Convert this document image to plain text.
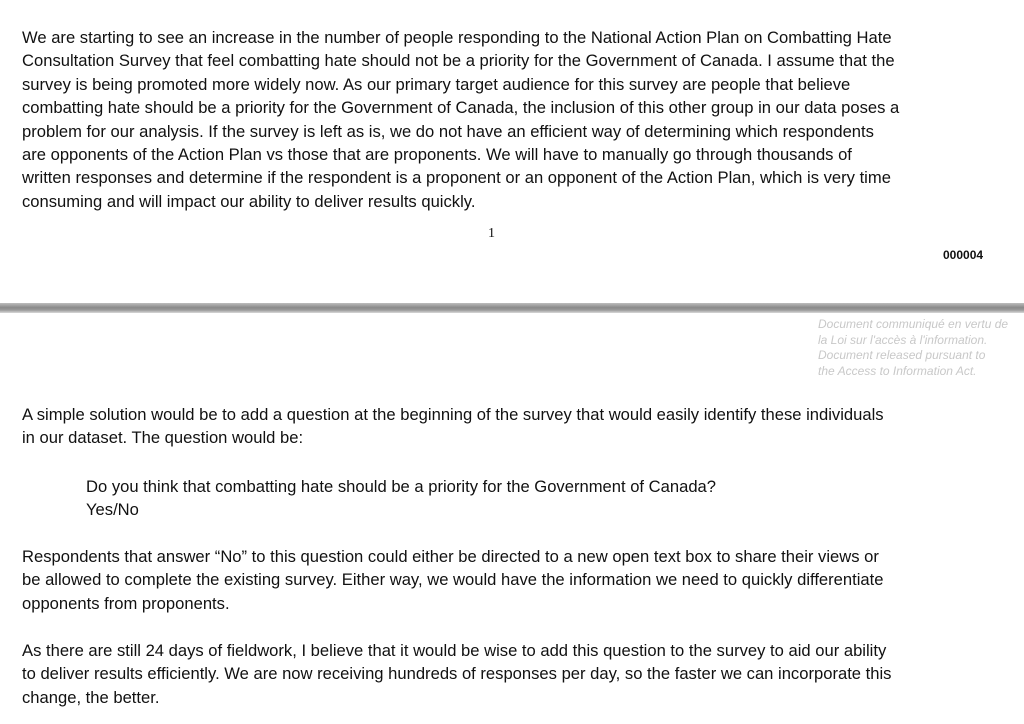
We are starting to see an increase in the number of people responding to the National Action Plan on Combatting Hate
Consultation Survey that feel combatting hate should not be a priority for the Government of Canada. I assume that the
survey is being promoted more widely now. As our primary target audience for this survey are people that believe
combatting hate should be a priority for the Government of Canada, the inclusion of this other group in our data poses a
problem for our analysis. If the survey is left as is, we do not have an efficient way of determining which respondents
are opponents of the Action Plan vs those that are proponents. We will have to manually go through thousands of
written responses and determine if the respondent is a proponent or an opponent of the Action Plan, which is very time
consuming and will impact our ability to deliver results quickly.

1
000004
Document communiqué en vertu de
la Loi sur l'accès à l'information.
Document released pursuant to
the Access to Information Act.

A simple solution would be to add a question at the beginning of the survey that would easily identify these individuals
in our dataset. The question would be:

Do you think that combatting hate should be a priority for the Government of Canada?
Yes/No

Respondents that answer “No” to this question could either be directed to a new open text box to share their views or
be allowed to complete the existing survey. Either way, we would have the information we need to quickly differentiate
opponents from proponents.

As there are still 24 days of fieldwork, I believe that it would be wise to add this question to the survey to aid our ability
to deliver results efficiently. We are now receiving hundreds of responses per day, so the faster we can incorporate this
change, the better.
